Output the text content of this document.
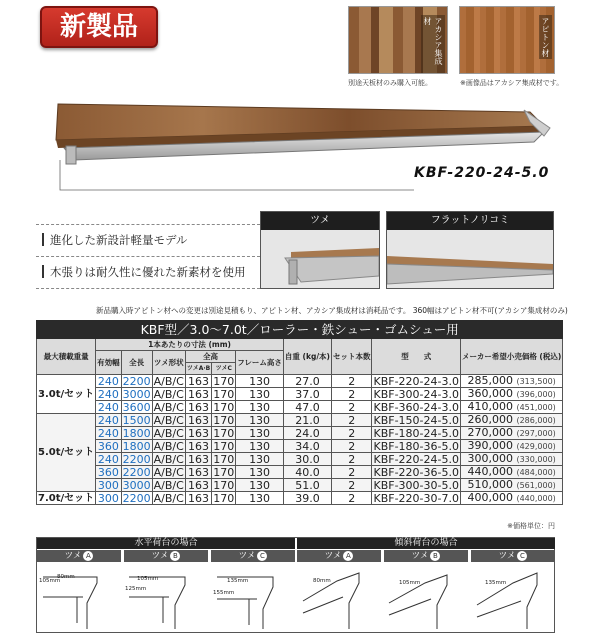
新製品	アカシア集成材	アピトン材
別途天板材のみ購入可能。	※画像品はアカシア集成材です。
KBF-220-24-5.0
進化した新設計軽量モデル
木張りは耐久性に優れた新素材を使用
ツメ	フラットノリコミ
新品購入時アピトン材への変更は別途見積もり、アピトン材、アカシア集成材は消耗品です。 360幅はアピトン材不可(アカシア集成材のみ)
KBF型／3.0〜7.0t／ローラー・鉄シュー・ゴムシュー用										
最大積載重量	1本あたりの寸法 (mm)						自重 (kg/本)	セット本数	型　　式	メーカー希望小売価格 (税込)
	有効幅	全長	ツメ形状	全高		フレーム高さ				
				ツメA·B	ツメC					
3.0t/セット	240	2200	A/B/C	163	170	130	27.0	2	KBF-220-24-3.0	285,000 (313,500)
	240	3000	A/B/C	163	170	130	37.0	2	KBF-300-24-3.0	360,000 (396,000)
	240	3600	A/B/C	163	170	130	47.0	2	KBF-360-24-3.0	410,000 (451,000)
5.0t/セット	240	1500	A/B/C	163	170	130	21.0	2	KBF-150-24-5.0	260,000 (286,000)
	240	1800	A/B/C	163	170	130	24.0	2	KBF-180-24-5.0	270,000 (297,000)
	360	1800	A/B/C	163	170	130	34.0	2	KBF-180-36-5.0	390,000 (429,000)
	240	2200	A/B/C	163	170	130	30.0	2	KBF-220-24-5.0	300,000 (330,000)
	360	2200	A/B/C	163	170	130	40.0	2	KBF-220-36-5.0	440,000 (484,000)
	300	3000	A/B/C	163	170	130	51.0	2	KBF-300-30-5.0	510,000 (561,000)
7.0t/セット	300	2200	A/B/C	163	170	130	39.0	2	KBF-220-30-7.0	400,000 (440,000)
※価格単位：円
水平荷台の場合	傾斜荷台の場合
ツメ A	ツメ B	ツメ C	ツメ A	ツメ B	ツメ C
105mm
80mm
125mm
105mm
155mm
135mm	80mm	105mm	135mm
